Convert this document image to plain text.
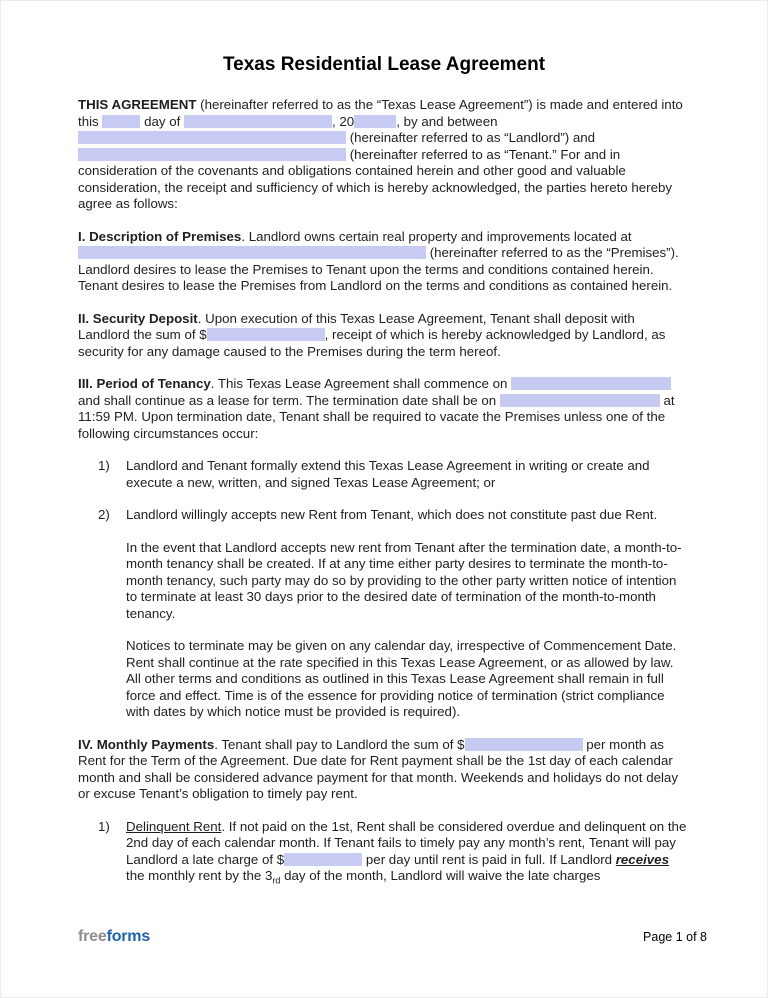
Texas Residential Lease Agreement

THIS AGREEMENT (hereinafter referred to as the “Texas Lease Agreement”) is made and entered into this	day of	, 20	, by and between  (hereinafter referred to as “Landlord”) and  (hereinafter referred to as “Tenant.” For and in consideration of the covenants and obligations contained herein and other good and valuable consideration, the receipt and sufficiency of which is hereby acknowledged, the parties hereto hereby agree as follows:

I. Description of Premises. Landlord owns certain real property and improvements located at  (hereinafter referred to as the “Premises”). Landlord desires to lease the Premises to Tenant upon the terms and conditions contained herein. Tenant desires to lease the Premises from Landlord on the terms and conditions as contained herein.

II. Security Deposit. Upon execution of this Texas Lease Agreement, Tenant shall deposit with Landlord the sum of $	, receipt of which is hereby acknowledged by Landlord, as security for any damage caused to the Premises during the term hereof.

III. Period of Tenancy. This Texas Lease Agreement shall commence on  and shall continue as a lease for term. The termination date shall be on	at 11:59 PM. Upon termination date, Tenant shall be required to vacate the Premises unless one of the following circumstances occur:

1)	Landlord and Tenant formally extend this Texas Lease Agreement in writing or create and execute a new, written, and signed Texas Lease Agreement; or
2)	Landlord willingly accepts new Rent from Tenant, which does not constitute past due Rent.

In the event that Landlord accepts new rent from Tenant after the termination date, a month-to- month tenancy shall be created. If at any time either party desires to terminate the month-to-month tenancy, such party may do so by providing to the other party written notice of intention to terminate at least 30 days prior to the desired date of termination of the month-to-month tenancy.

Notices to terminate may be given on any calendar day, irrespective of Commencement Date. Rent shall continue at the rate specified in this Texas Lease Agreement, or as allowed by law. All other terms and conditions as outlined in this Texas Lease Agreement shall remain in full force and effect. Time is of the essence for providing notice of termination (strict compliance with dates by which notice must be provided is required).

IV. Monthly Payments. Tenant shall pay to Landlord the sum of $	per month as Rent for the Term of the Agreement. Due date for Rent payment shall be the 1st day of each calendar month and shall be considered advance payment for that month. Weekends and holidays do not delay or excuse Tenant’s obligation to timely pay rent.

1)	Delinquent Rent. If not paid on the 1st, Rent shall be considered overdue and delinquent on the 2nd day of each calendar month. If Tenant fails to timely pay any month’s rent, Tenant will pay Landlord a late charge of $	per day until rent is paid in full. If Landlord receives the monthly rent by the $3_{rd}$ day of the month, Landlord will waive the late charges
freeforms	Page 1 of 8
